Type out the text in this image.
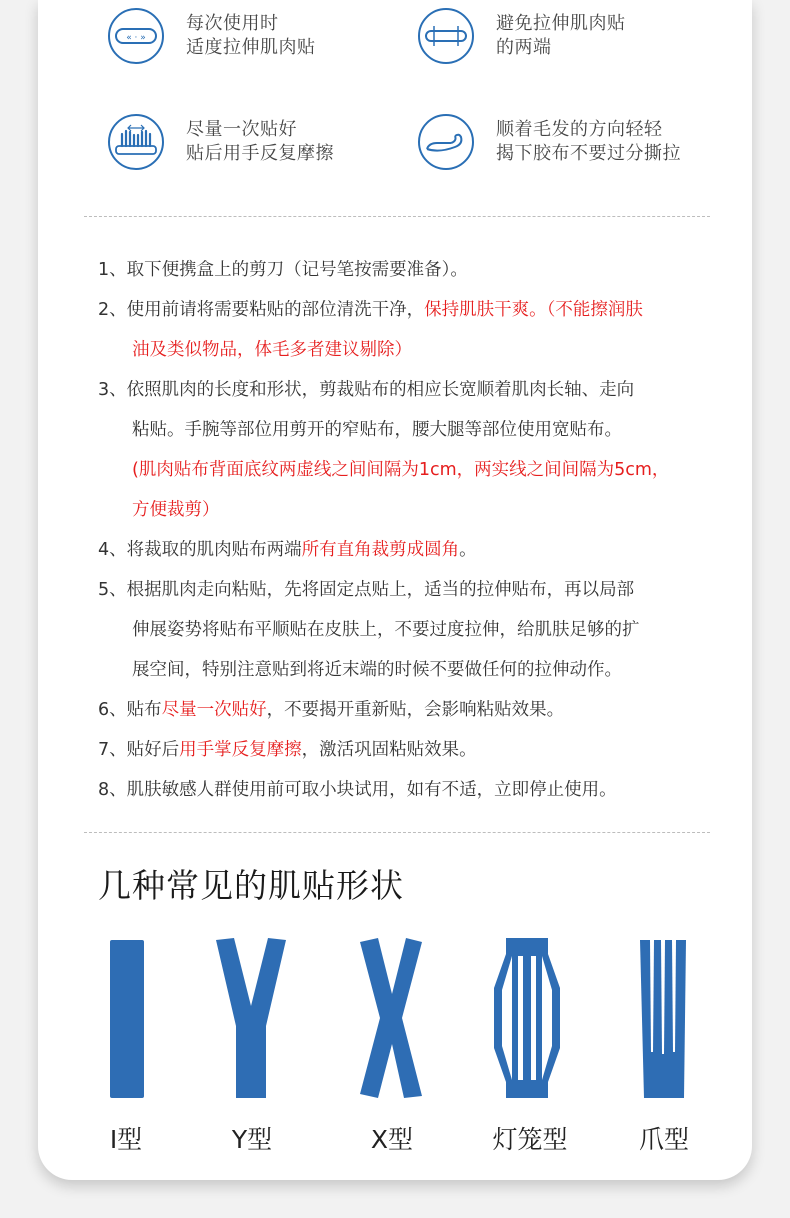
« · »
每次使用时
适度拉伸肌肉贴
避免拉伸肌肉贴
的两端
尽量一次贴好
贴后用手反复摩擦
顺着毛发的方向轻轻
揭下胶布不要过分撕拉
1、取下便携盒上的剪刀（记号笔按需要准备）。
2、使用前请将需要粘贴的部位清洗干净，保持肌肤干爽。（不能擦润肤
油及类似物品，体毛多者建议剔除）
3、依照肌肉的长度和形状，剪裁贴布的相应长宽顺着肌肉长轴、走向
粘贴。手腕等部位用剪开的窄贴布，腰大腿等部位使用宽贴布。
(肌肉贴布背面底纹两虚线之间间隔为1cm，两实线之间间隔为5cm，
方便裁剪）
4、将裁取的肌肉贴布两端所有直角裁剪成圆角。
5、根据肌肉走向粘贴，先将固定点贴上，适当的拉伸贴布，再以局部
伸展姿势将贴布平顺贴在皮肤上，不要过度拉伸，给肌肤足够的扩
展空间，特别注意贴到将近末端的时候不要做任何的拉伸动作。
6、贴布尽量一次贴好，不要揭开重新贴，会影响粘贴效果。
7、贴好后用手掌反复摩擦，激活巩固粘贴效果。
8、肌肤敏感人群使用前可取小块试用，如有不适，立即停止使用。
几种常见的肌贴形状
I型	Y型	X型	灯笼型	爪型
